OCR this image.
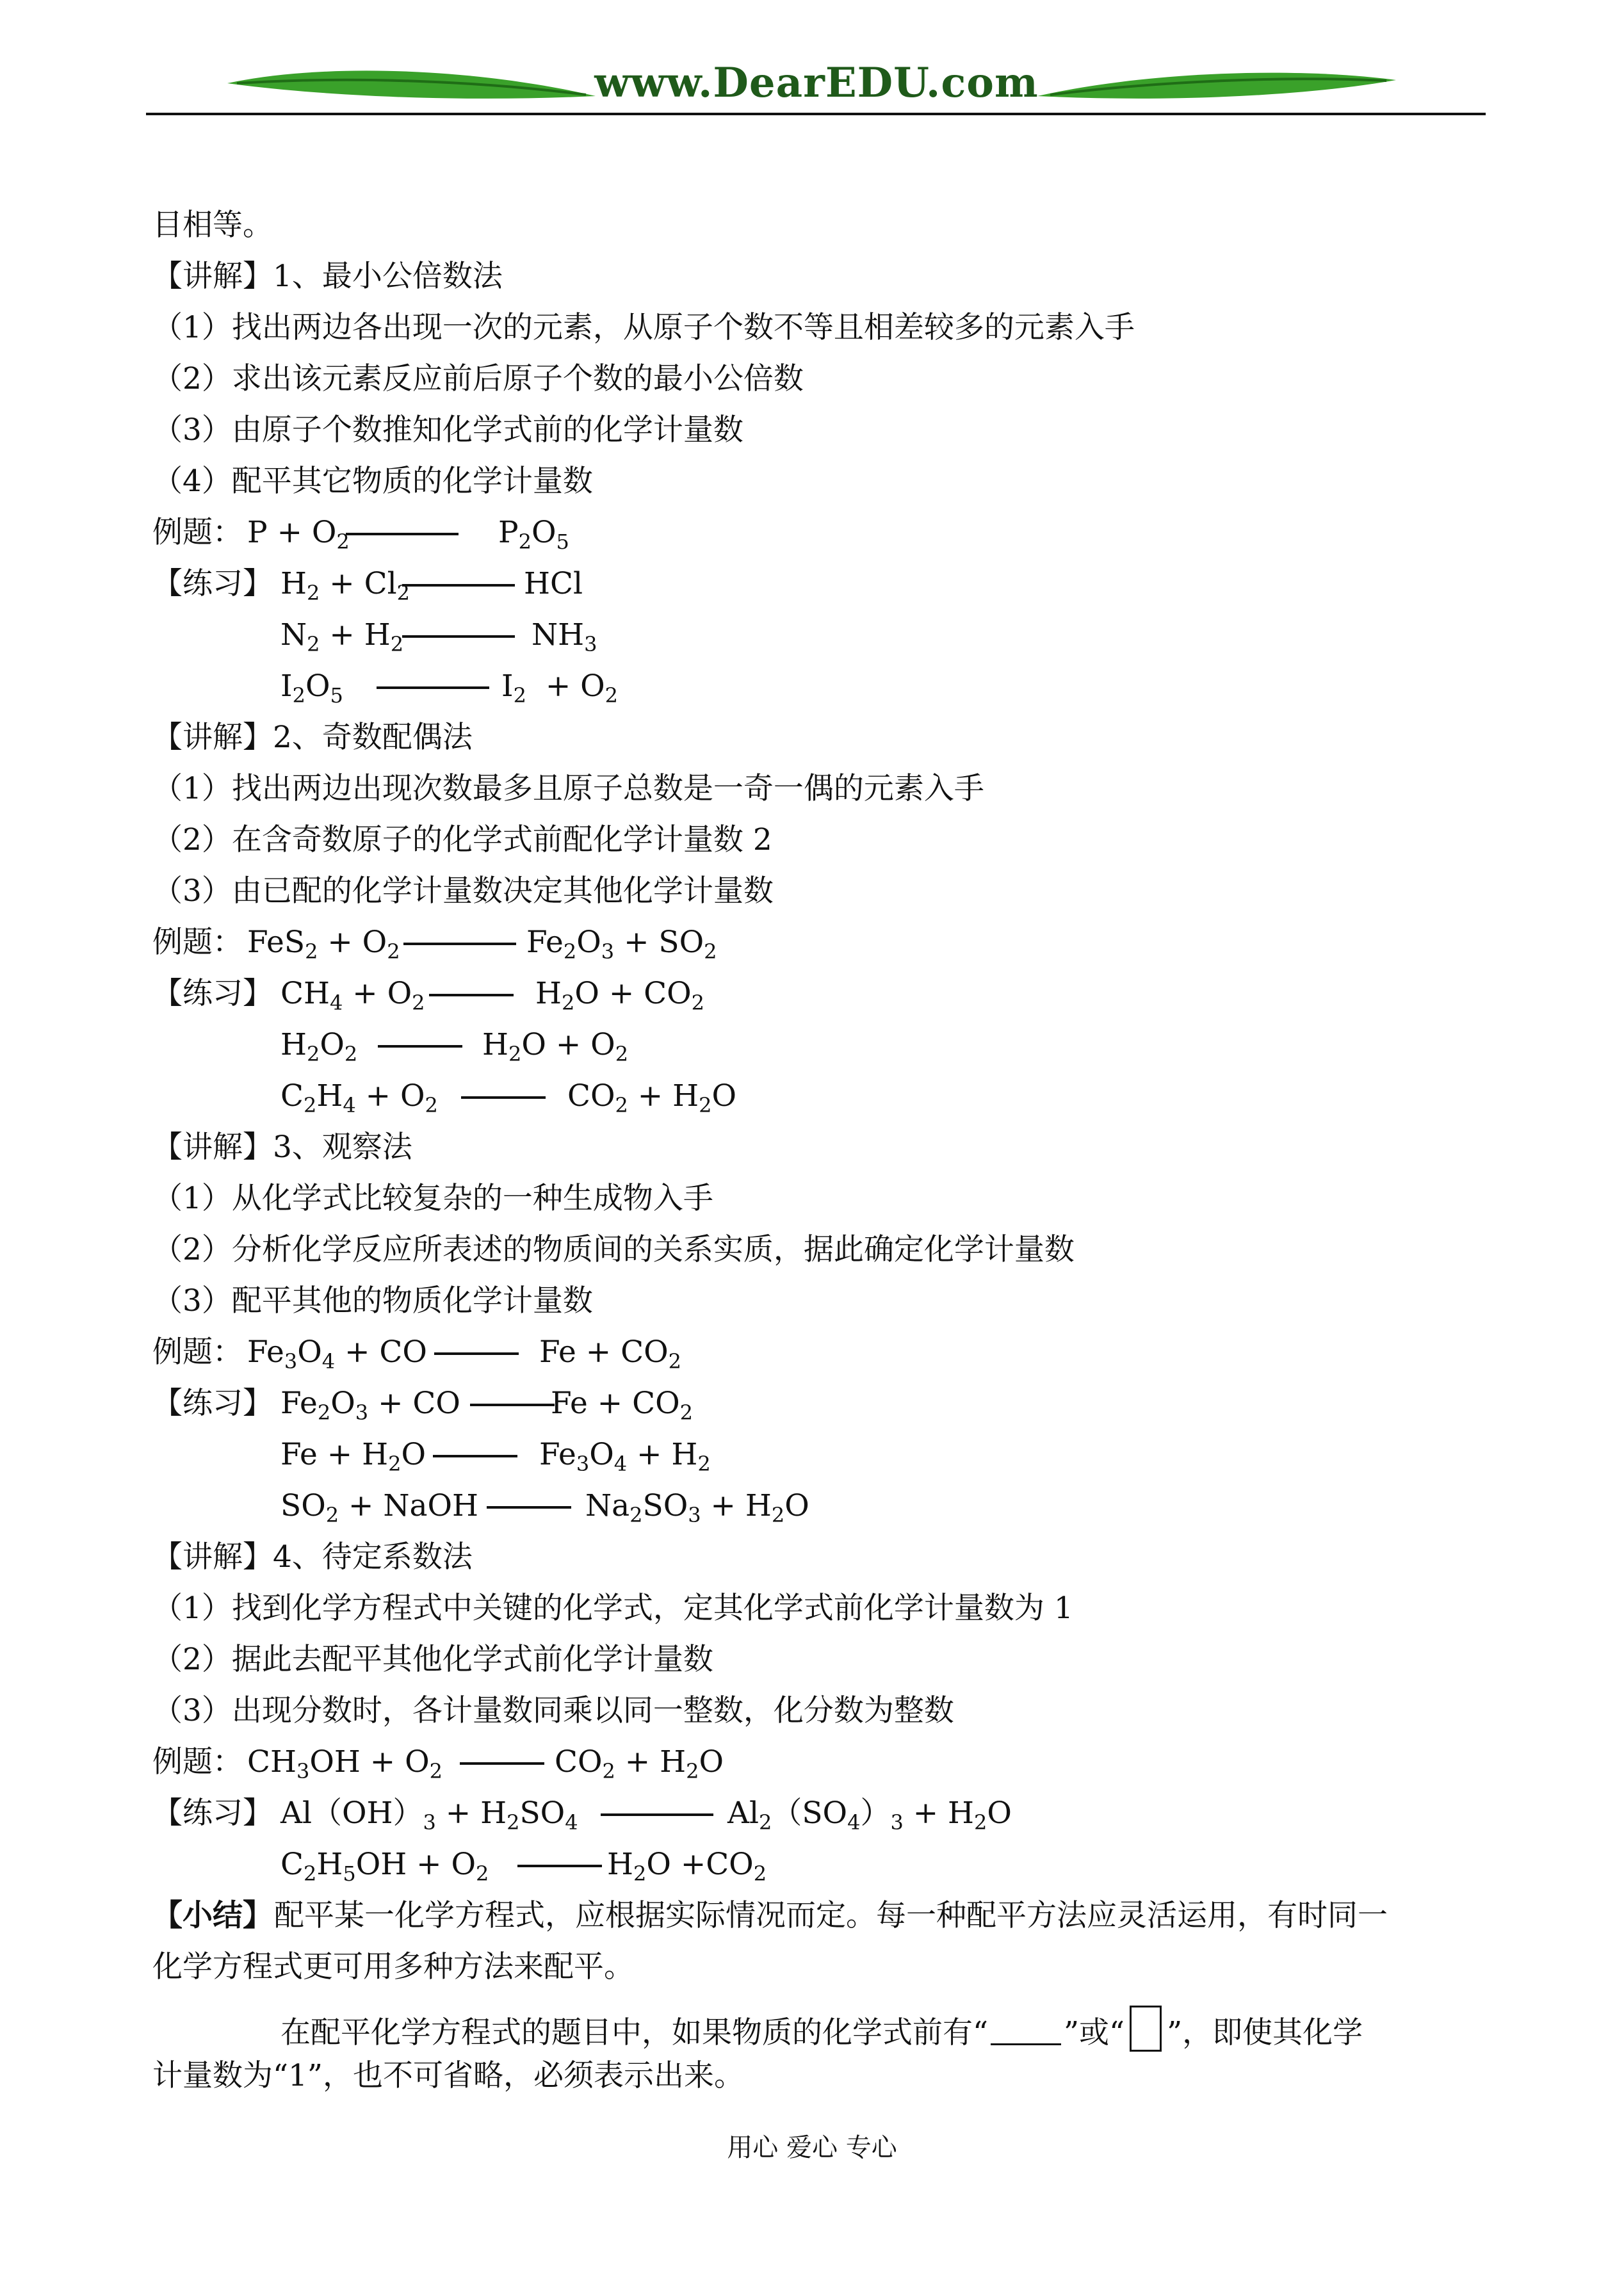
www.DearEDU.com
目相等。
【讲解】1、最小公倍数法
（1）找出两边各出现一次的元素，从原子个数不等且相差较多的元素入手
（2）求出该元素反应前后原子个数的最小公倍数
（3）由原子个数推知化学式前的化学计量数
（4）配平其它物质的化学计量数
例题： $P + O_2$	$P_2O_5$
【练习】 $H_2 + Cl_2$	HCl
$N_2 + H_2$	$NH_3$
$I_2O_5$	$I_2 + O_2$
【讲解】2、奇数配偶法
（1）找出两边出现次数最多且原子总数是一奇一偶的元素入手
（2）在含奇数原子的化学式前配化学计量数 2
（3）由已配的化学计量数决定其他化学计量数
例题： $FeS_2 + O_2$	$Fe_2O_3 + SO_2$
【练习】 $CH_4 + O_2$	$H_2O + CO_2$
$H_2O_2$	$H_2O + O_2$
$C_2H_4 + O_2$	$CO_2 + H_2O$
【讲解】3、观察法
（1）从化学式比较复杂的一种生成物入手
（2）分析化学反应所表述的物质间的关系实质，据此确定化学计量数
（3）配平其他的物质化学计量数
例题： $Fe_3O_4$ + CO	$Fe + CO_2$
【练习】 $Fe_2O_3$ + CO	$Fe + CO_2$
$Fe + H_2O$	$Fe_3O_4 + H_2$
$SO_2$ + NaOH	$Na_2SO_3 + H_2O$
【讲解】4、待定系数法
（1）找到化学方程式中关键的化学式，定其化学式前化学计量数为 1
（2）据此去配平其他化学式前化学计量数
（3）出现分数时，各计量数同乘以同一整数，化分数为整数
例题： $CH_3OH + O_2$	$CO_2 + H_2O$
【练习】 $Al(OH)_3 + H_2SO_4$	$Al_2(SO_4)_3 + H_2O$
$C_2H_5OH + O_2$	$H_2O +CO_2$
【小结】 配平某一化学方程式，应根据实际情况而定。每一种配平方法应灵活运用，有时同一
化学方程式更可用多种方法来配平。
在配平化学方程式的题目中，如果物质的化学式前有“	”或“ ”，即使其化学
计量数为“1”，也不可省略，必须表示出来。
用心 爱心 专心
